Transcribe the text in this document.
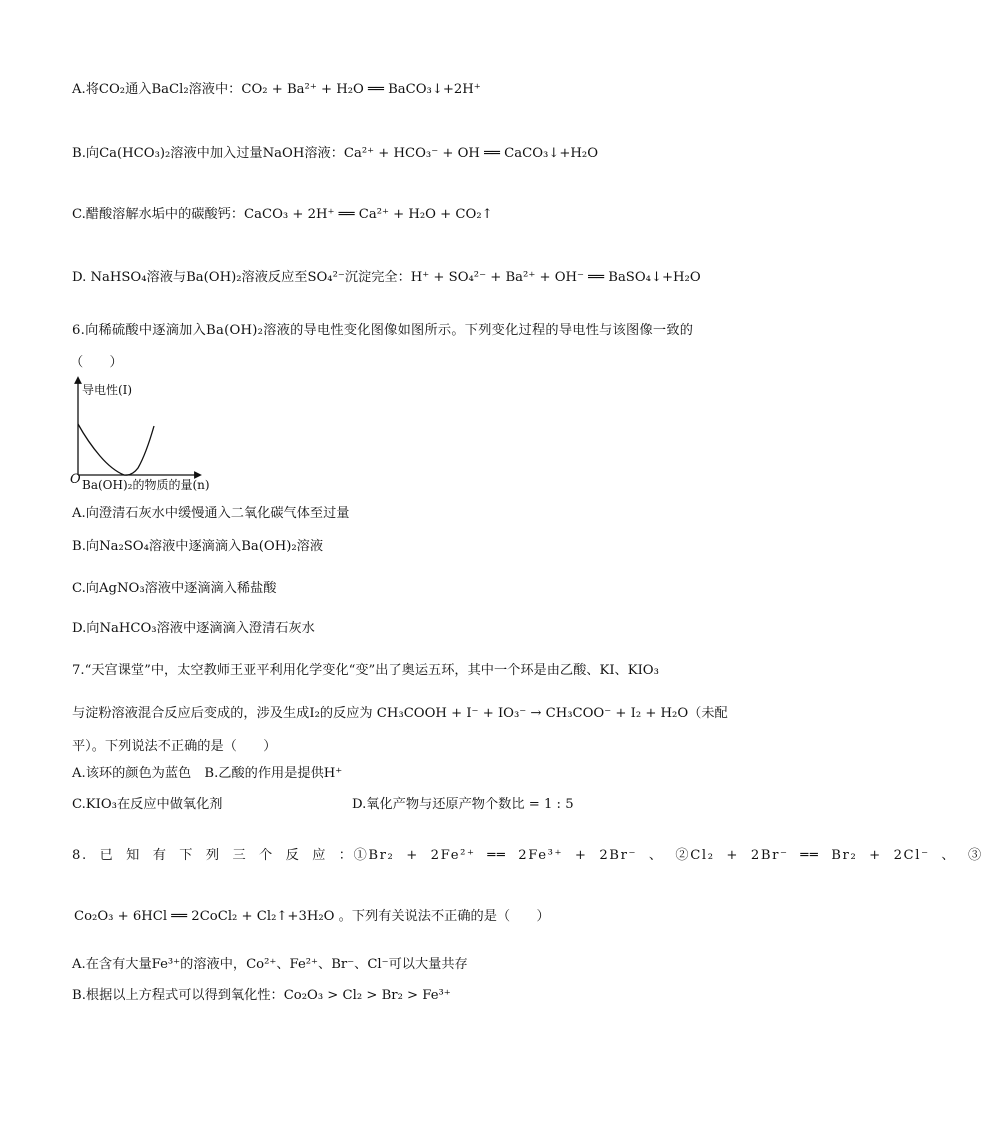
A.将CO₂通入BaCl₂溶液中：CO₂ + Ba²⁺ + H₂O ══ BaCO₃↓+2H⁺
B.向Ca(HCO₃)₂溶液中加入过量NaOH溶液：Ca²⁺ + HCO₃⁻ + OH ══ CaCO₃↓+H₂O
C.醋酸溶解水垢中的碳酸钙：CaCO₃ + 2H⁺ ══ Ca²⁺ + H₂O + CO₂↑
D. NaHSO₄溶液与Ba(OH)₂溶液反应至SO₄²⁻沉淀完全：H⁺ + SO₄²⁻ + Ba²⁺ + OH⁻ ══ BaSO₄↓+H₂O
6.向稀硫酸中逐滴加入Ba(OH)₂溶液的导电性变化图像如图所示。下列变化过程的导电性与该图像一致的
（　　）
导电性(I)
O Ba(OH)₂的物质的量(n)
A.向澄清石灰水中缓慢通入二氧化碳气体至过量
B.向Na₂SO₄溶液中逐滴滴入Ba(OH)₂溶液
C.向AgNO₃溶液中逐滴滴入稀盐酸
D.向NaHCO₃溶液中逐滴滴入澄清石灰水
7.“天宫课堂”中，太空教师王亚平利用化学变化“变”出了奥运五环，其中一个环是由乙酸、KI、KIO₃
与淀粉溶液混合反应后变成的，涉及生成I₂的反应为 CH₃COOH + I⁻ + IO₃⁻ → CH₃COO⁻ + I₂ + H₂O（未配
平）。下列说法不正确的是（　　）
A.该环的颜色为蓝色　B.乙酸的作用是提供H⁺
C.KIO₃在反应中做氧化剂	D.氧化产物与还原产物个数比 = 1 : 5
8. 已 知 有 下 列 三 个 反 应 ：①Br₂ + 2Fe²⁺ ══ 2Fe³⁺ + 2Br⁻ 、 ②Cl₂ + 2Br⁻ ══ Br₂ + 2Cl⁻ 、 ③
Co₂O₃ + 6HCl ══ 2CoCl₂ + Cl₂↑+3H₂O 。下列有关说法不正确的是（　　）
A.在含有大量Fe³⁺的溶液中，Co²⁺、Fe²⁺、Br⁻、Cl⁻可以大量共存
B.根据以上方程式可以得到氧化性：Co₂O₃ > Cl₂ > Br₂ > Fe³⁺
